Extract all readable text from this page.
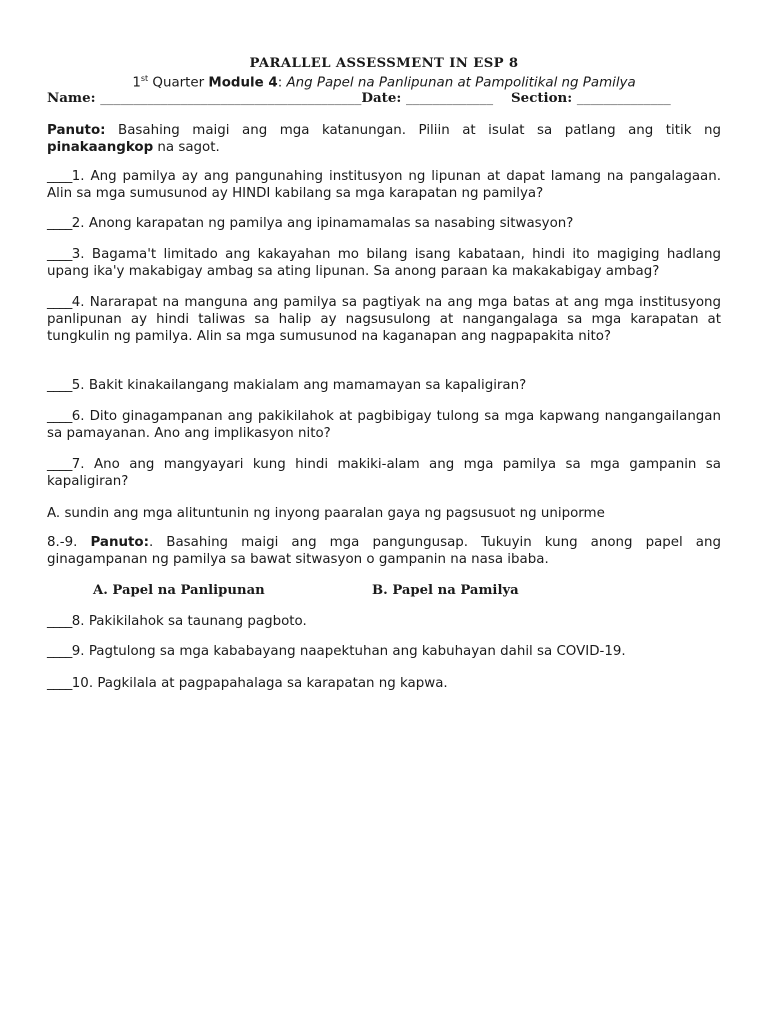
PARALLEL ASSESSMENT IN ESP 8
1st Quarter Module 4: Ang Papel na Panlipunan at Pampolitikal ng Pamilya
Name: _______________________________________Date: _____________ Section: ______________
Panuto: Basahing maigi ang mga katanungan. Piliin at isulat sa patlang ang titik ng pinakaangkop na sagot.
____1. Ang pamilya ay ang pangunahing institusyon ng lipunan at dapat lamang na pangalagaan. Alin sa mga sumusunod ay HINDI kabilang sa mga karapatan ng pamilya?
____2. Anong karapatan ng pamilya ang ipinamamalas sa nasabing sitwasyon?
____3. Bagama't limitado ang kakayahan mo bilang isang kabataan, hindi ito magiging hadlang upang ika'y makabigay ambag sa ating lipunan. Sa anong paraan ka makakabigay ambag?
____4. Nararapat na manguna ang pamilya sa pagtiyak na ang mga batas at ang mga institusyong panlipunan ay hindi taliwas sa halip ay nagsusulong at nangangalaga sa mga karapatan at tungkulin ng pamilya. Alin sa mga sumusunod na kaganapan ang nagpapakita nito?
____5. Bakit kinakailangang makialam ang mamamayan sa kapaligiran?
____6. Dito ginagampanan ang pakikilahok at pagbibigay tulong sa mga kapwang nangangailangan sa pamayanan. Ano ang implikasyon nito?
____7. Ano ang mangyayari kung hindi makiki-alam ang mga pamilya sa mga gampanin sa kapaligiran?
A. sundin ang mga alituntunin ng inyong paaralan gaya ng pagsusuot ng uniporme
8.-9. Panuto:. Basahing maigi ang mga pangungusap. Tukuyin kung anong papel ang ginagampanan ng pamilya sa bawat sitwasyon o gampanin na nasa ibaba.
A. Papel na Panlipunan	B. Papel na Pamilya
____8. Pakikilahok sa taunang pagboto.
____9. Pagtulong sa mga kababayang naapektuhan ang kabuhayan dahil sa COVID-19.
____10. Pagkilala at pagpapahalaga sa karapatan ng kapwa.
